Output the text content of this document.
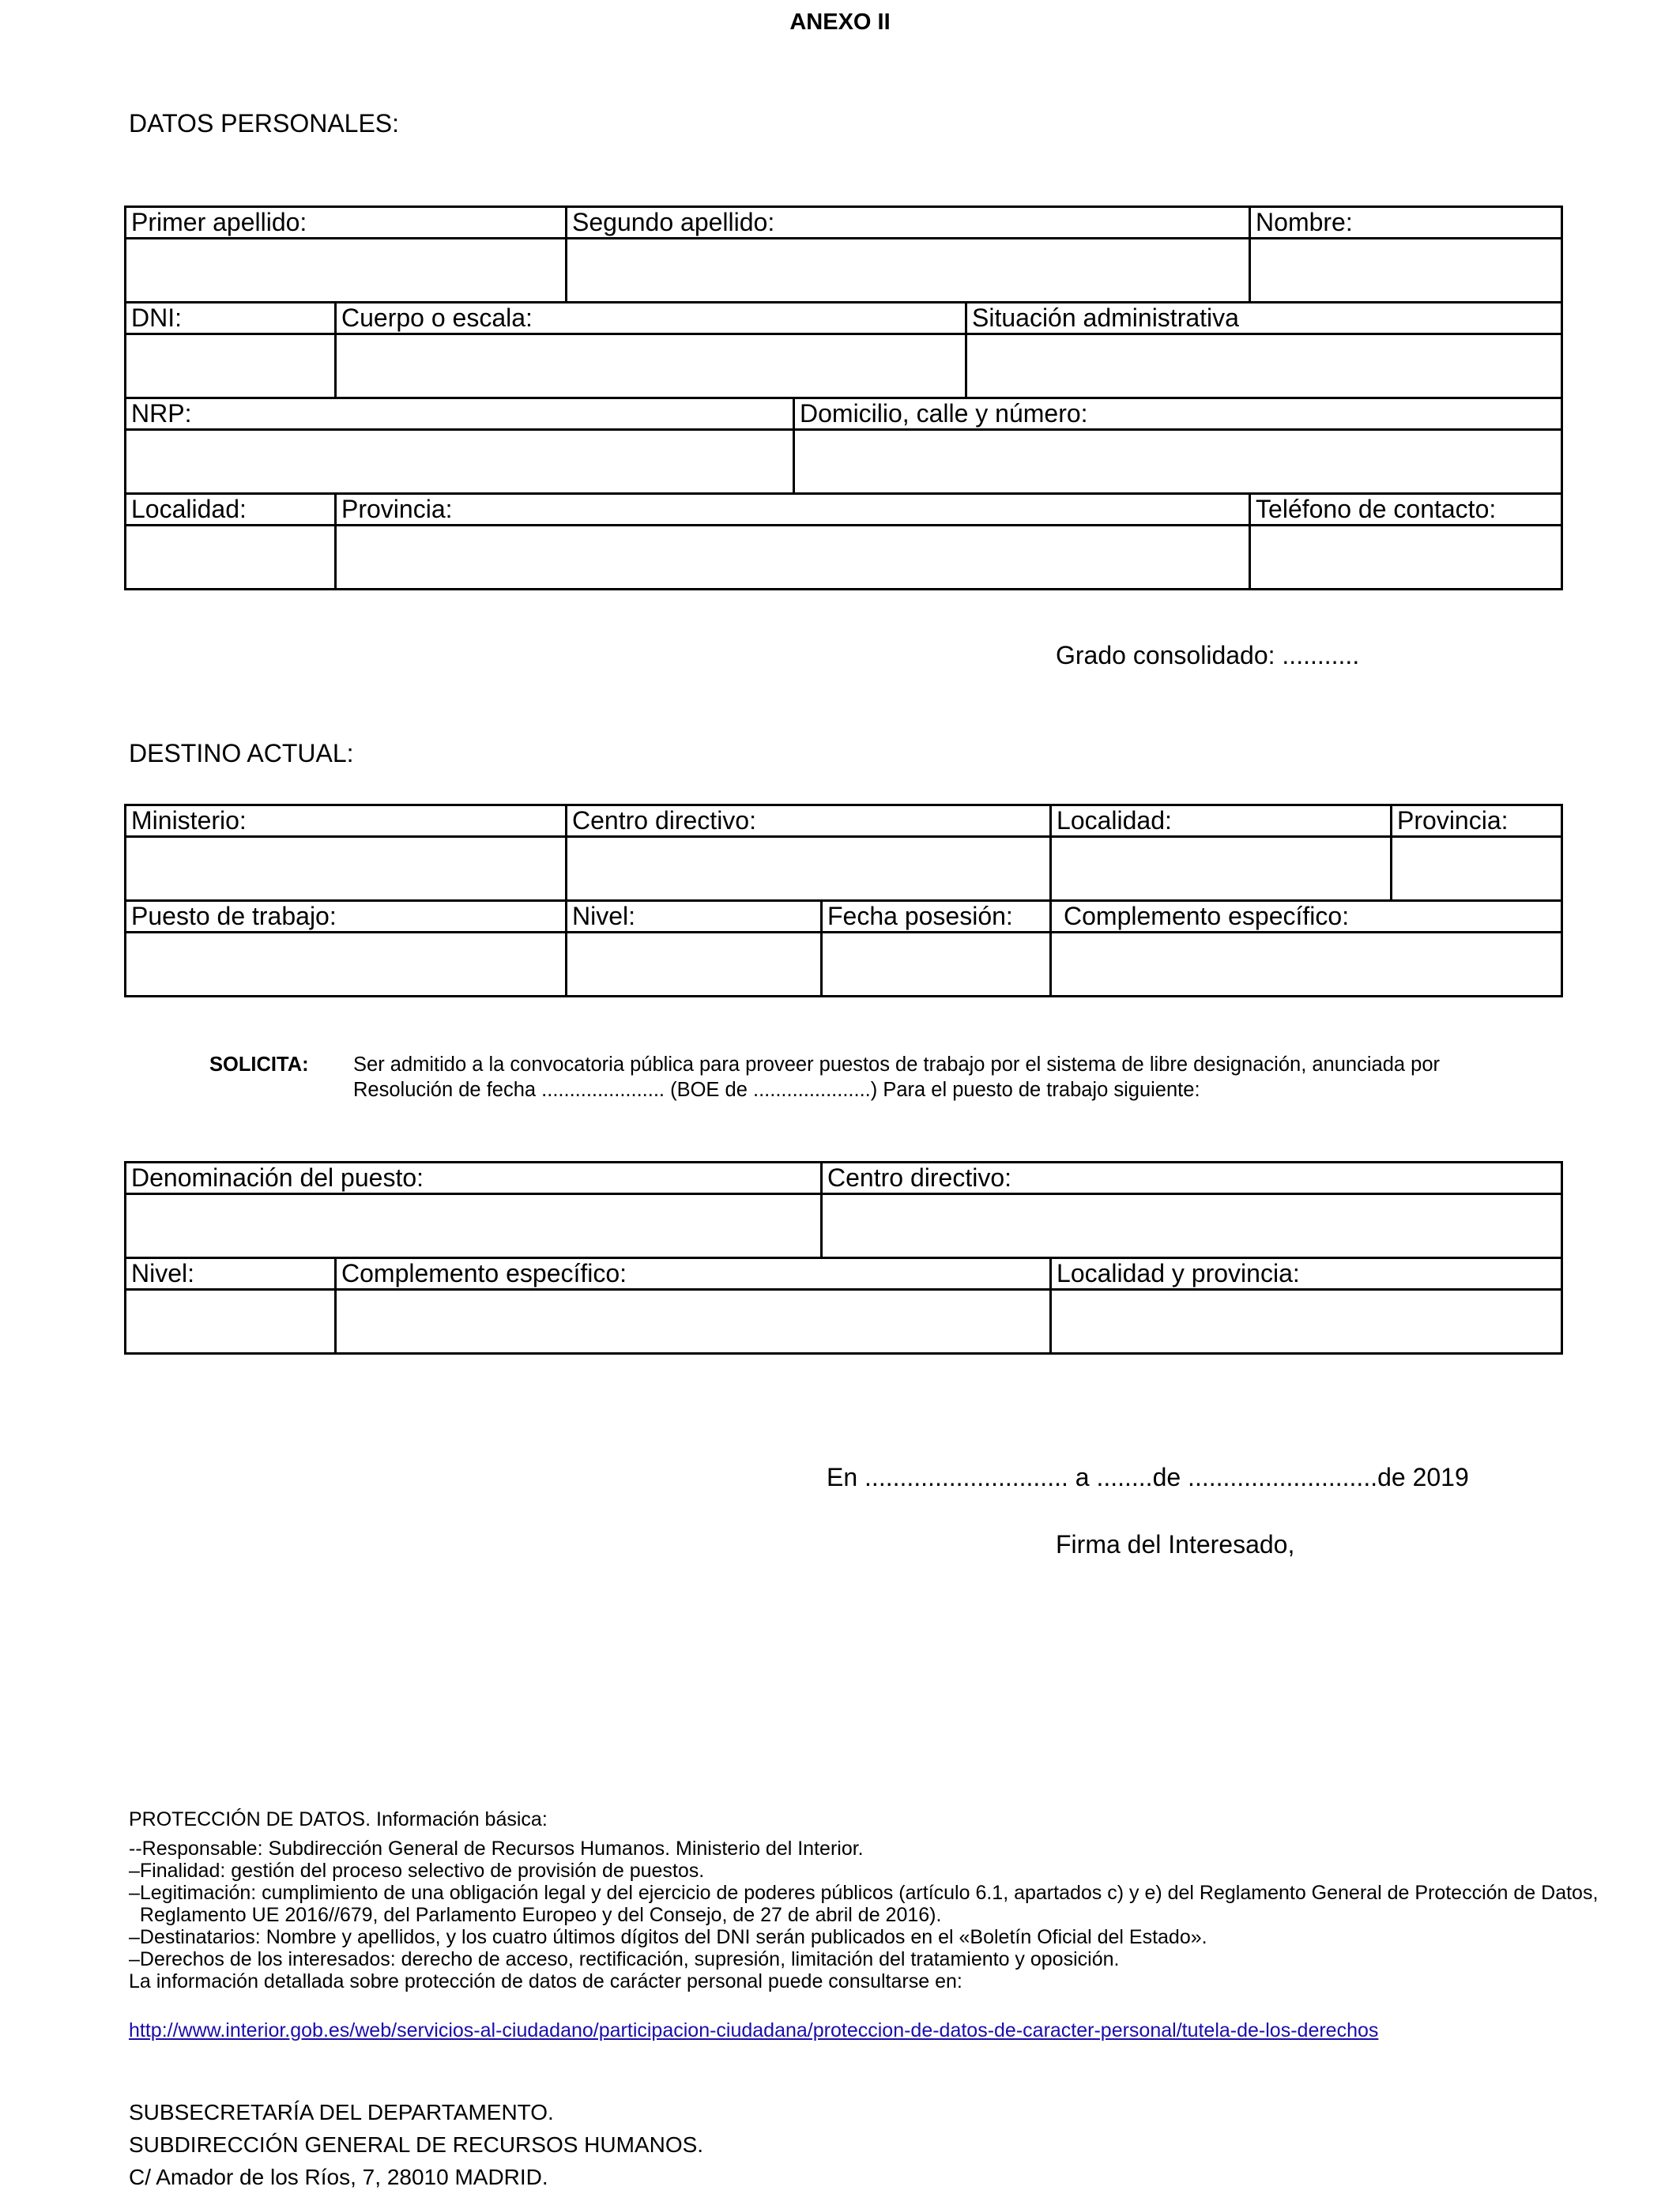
ANEXO II
DATOS PERSONALES:
Primer apellido:		Segundo apellido:			Nombre:

DNI:	Cuerpo o escala:			Situación administrativa	

NRP:			Domicilio, calle y número:		

Localidad:	Provincia:				Teléfono de contacto:

Grado consolidado: ...........
DESTINO ACTUAL:
Ministerio:	Centro directivo:		Localidad:	Provincia:

Puesto de trabajo:	Nivel:	Fecha posesión:	Complemento específico:	

SOLICITA: Ser admitido a la convocatoria pública para proveer puestos de trabajo por el sistema de libre designación, anunciada por
Resolución de fecha ...................... (BOE de .....................) Para el puesto de trabajo siguiente:
Denominación del puesto:		Centro directivo:	

Nivel:	Complemento específico:		Localidad y provincia:

En ............................. a ........de ...........................de 2019
Firma del Interesado,
PROTECCIÓN DE DATOS. Información básica:
--Responsable: Subdirección General de Recursos Humanos. Ministerio del Interior.
–Finalidad: gestión del proceso selectivo de provisión de puestos.
–Legitimación: cumplimiento de una obligación legal y del ejercicio de poderes públicos (artículo 6.1, apartados c) y e) del Reglamento General de Protección de Datos,
Reglamento UE 2016//679, del Parlamento Europeo y del Consejo, de 27 de abril de 2016).
–Destinatarios: Nombre y apellidos, y los cuatro últimos dígitos del DNI serán publicados en el «Boletín Oficial del Estado».
–Derechos de los interesados: derecho de acceso, rectificación, supresión, limitación del tratamiento y oposición.
La información detallada sobre protección de datos de carácter personal puede consultarse en:
http://www.interior.gob.es/web/servicios-al-ciudadano/participacion-ciudadana/proteccion-de-datos-de-caracter-personal/tutela-de-los-derechos
SUBSECRETARÍA DEL DEPARTAMENTO.
SUBDIRECCIÓN GENERAL DE RECURSOS HUMANOS.
C/ Amador de los Ríos, 7, 28010 MADRID.
